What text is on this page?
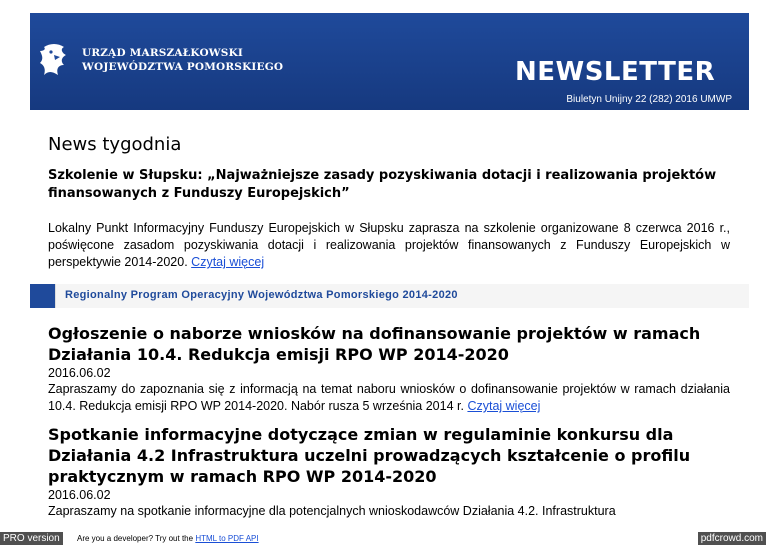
URZĄD MARSZAŁKOWSKI
WOJEWÓDZTWA POMORSKIEGO	NEWSLETTER
Biuletyn Unijny 22 (282) 2016 UMWP
News tygodnia

Szkolenie w Słupsku: „Najważniejsze zasady pozyskiwania dotacji i realizowania projektów finansowanych z Funduszy Europejskich”

Lokalny Punkt Informacyjny Funduszy Europejskich w Słupsku zaprasza na szkolenie organizowane 8 czerwca 2016 r., poświęcone zasadom pozyskiwania dotacji i realizowania projektów finansowanych z Funduszy Europejskich w perspektywie 2014-2020. Czytaj więcej

Regionalny Program Operacyjny Województwa Pomorskiego 2014-2020

Ogłoszenie o naborze wniosków na dofinansowanie projektów w ramach Działania 10.4. Redukcja emisji RPO WP 2014-2020

2016.06.02

Zapraszamy do zapoznania się z informacją na temat naboru wniosków o dofinansowanie projektów w ramach działania 10.4. Redukcja emisji RPO WP 2014-2020. Nabór rusza 5 września 2014 r. Czytaj więcej

Spotkanie informacyjne dotyczące zmian w regulaminie konkursu dla Działania 4.2 Infrastruktura uczelni prowadzących kształcenie o profilu praktycznym w ramach RPO WP 2014-2020

2016.06.02

Zapraszamy na spotkanie informacyjne dla potencjalnych wnioskodawców Działania 4.2. Infrastruktura

PRO version	Are you a developer? Try out the HTML to PDF API	pdfcrowd.com
